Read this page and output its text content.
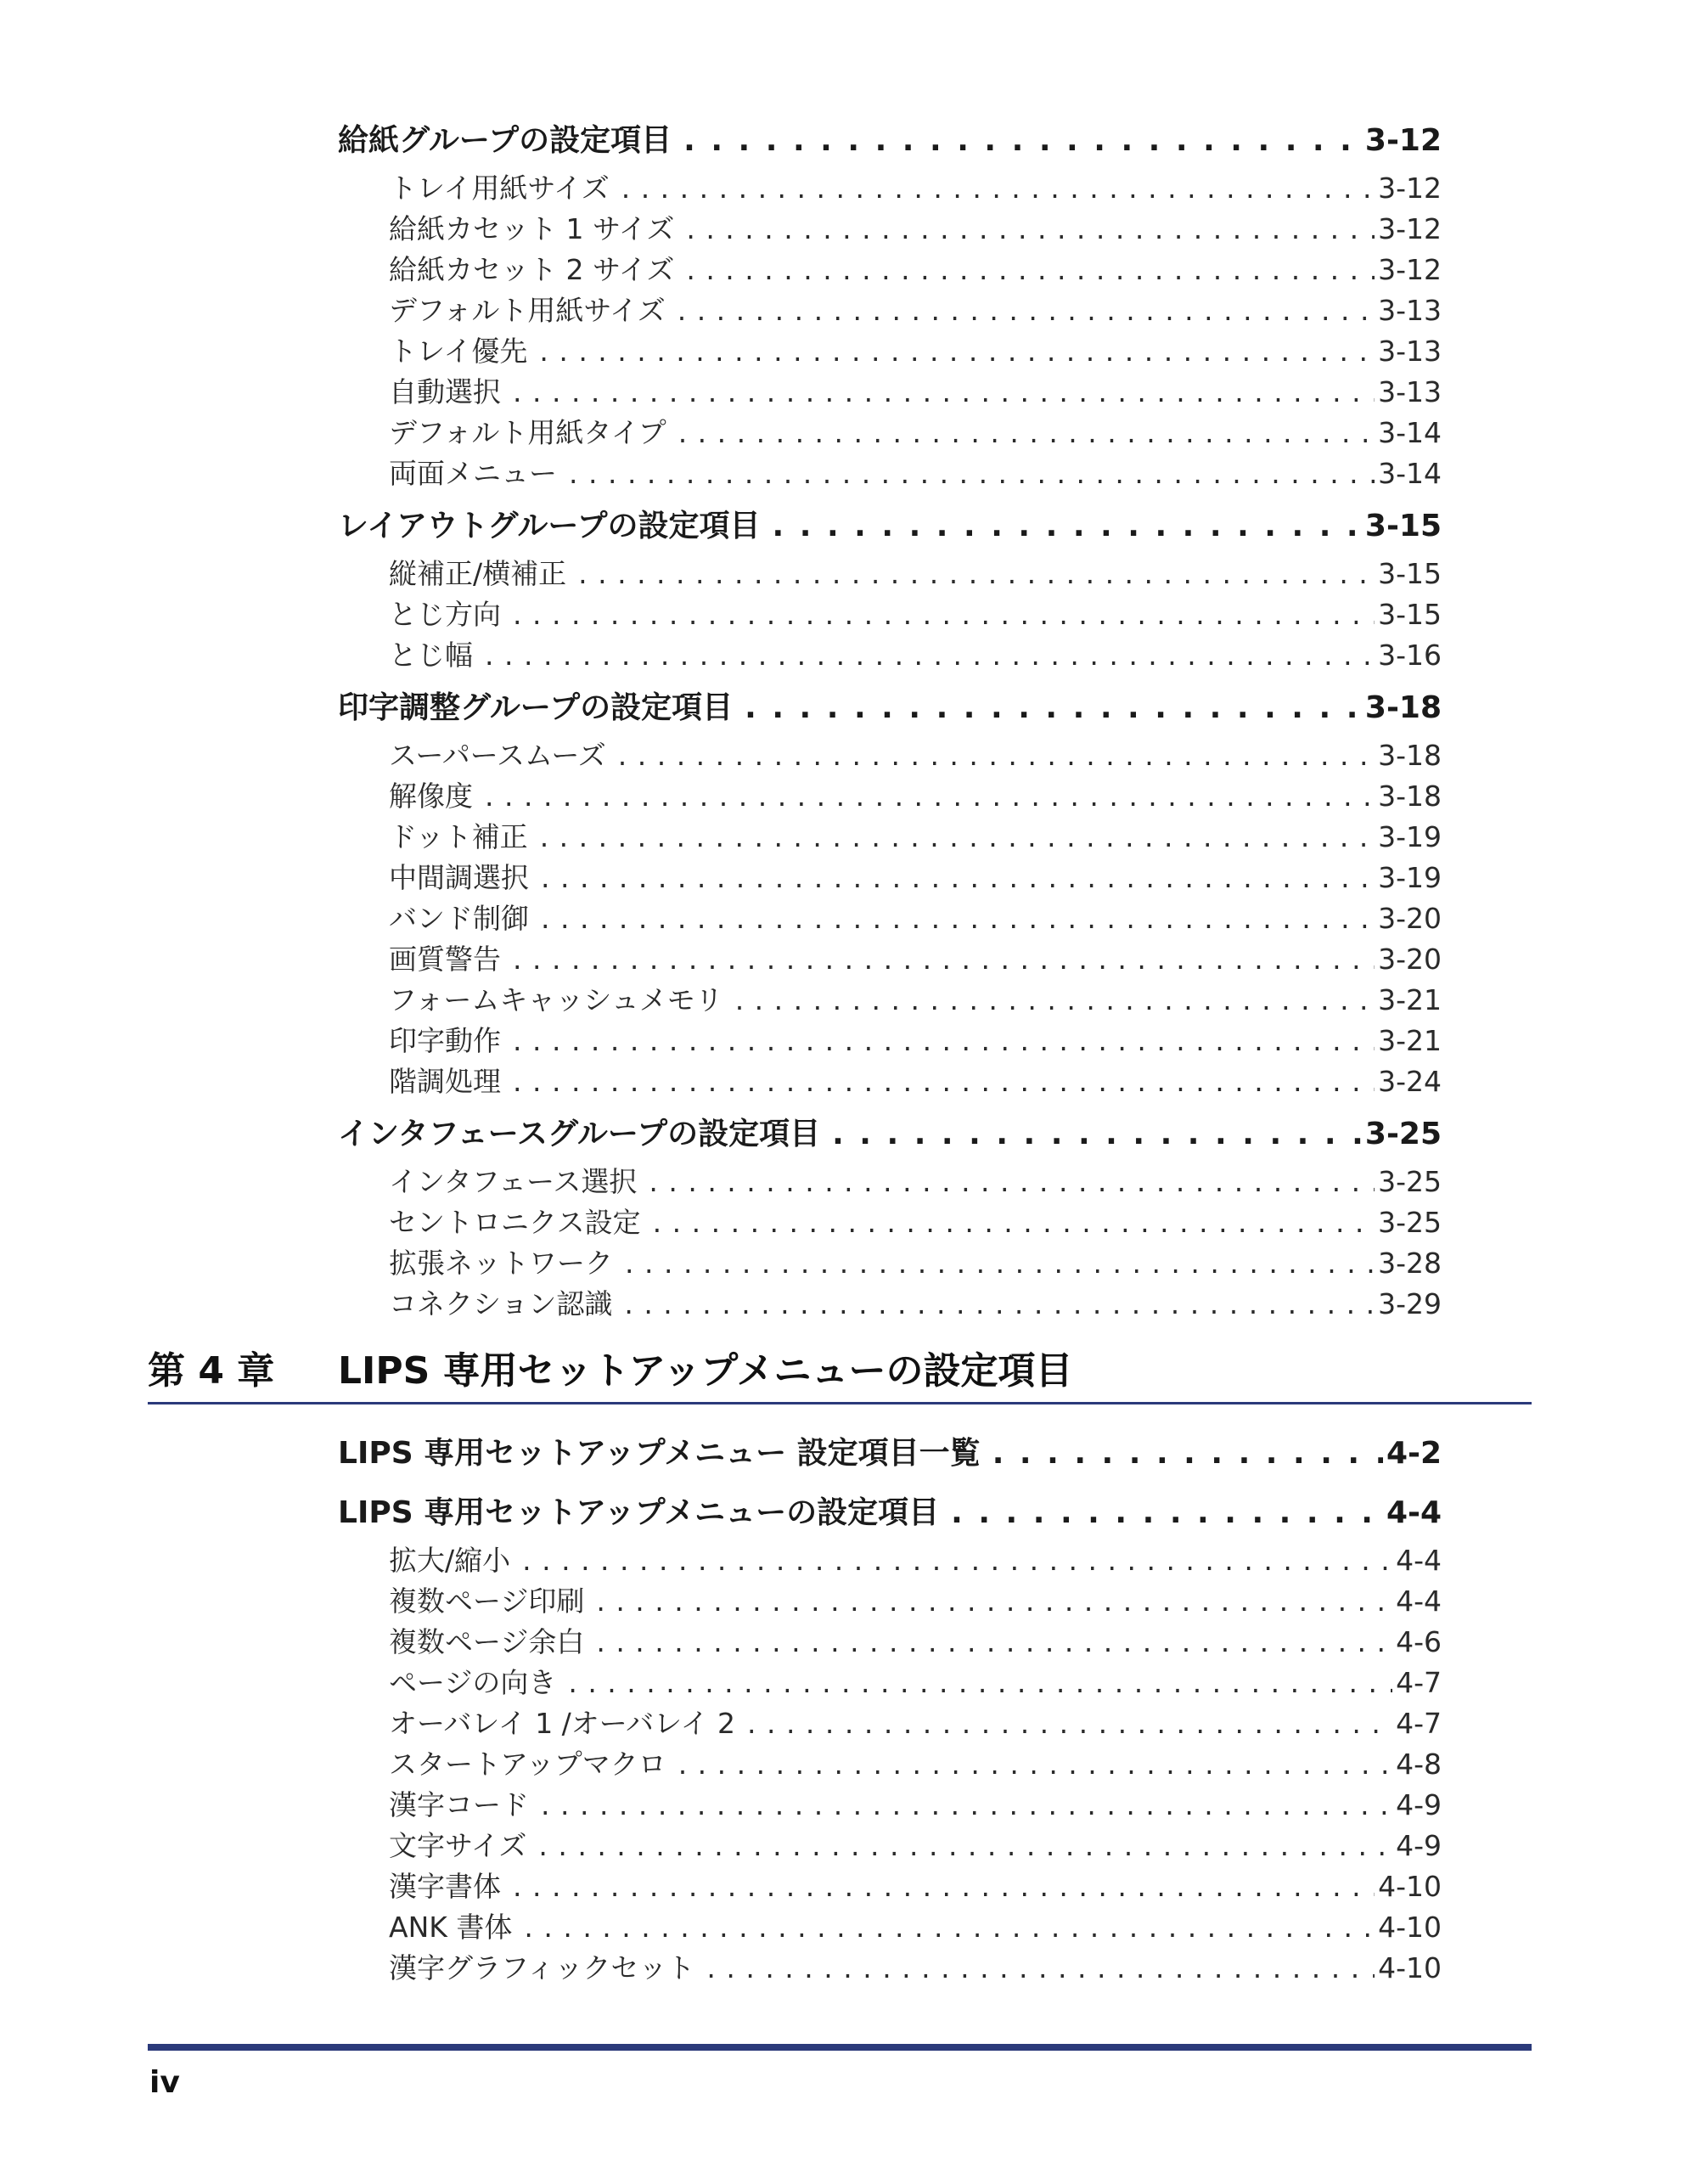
給紙グループの設定項目 . . .	3-12
トレイ用紙サイズ . . .	3-12
給紙カセット 1 サイズ . . .	3-12
給紙カセット 2 サイズ . . .	3-12
デフォルト用紙サイズ . . .	3-13
トレイ優先 . . .	3-13
自動選択 . . .	3-13
デフォルト用紙タイプ . . .	3-14
両面メニュー . . .	3-14
レイアウトグループの設定項目 . . .	3-15
縦補正/横補正 . . .	3-15
とじ方向 . . .	3-15
とじ幅 . . .	3-16
印字調整グループの設定項目 . . .	3-18
スーパースムーズ . . .	3-18
解像度 . . .	3-18
ドット補正 . . .	3-19
中間調選択 . . .	3-19
バンド制御 . . .	3-20
画質警告 . . .	3-20
フォームキャッシュメモリ . . .	3-21
印字動作 . . .	3-21
階調処理 . . .	3-24
インタフェースグループの設定項目 . . .	3-25
インタフェース選択 . . .	3-25
セントロニクス設定 . . .	3-25
拡張ネットワーク . . .	3-28
コネクション認識 . . .	3-29
第 4 章	LIPS 専用セットアップメニューの設定項目
LIPS 専用セットアップメニュー 設定項目一覧 . . .	4-2
LIPS 専用セットアップメニューの設定項目 . . .	4-4
拡大/縮小 . . .	4-4
複数ページ印刷 . . .	4-4
複数ページ余白 . . .	4-6
ページの向き . . .	4-7
オーバレイ 1 /オーバレイ 2 . . .	4-7
スタートアップマクロ . . .	4-8
漢字コード . . .	4-9
文字サイズ . . .	4-9
漢字書体 . . .	4-10
ANK 書体 . . .	4-10
漢字グラフィックセット . . .	4-10
iv
